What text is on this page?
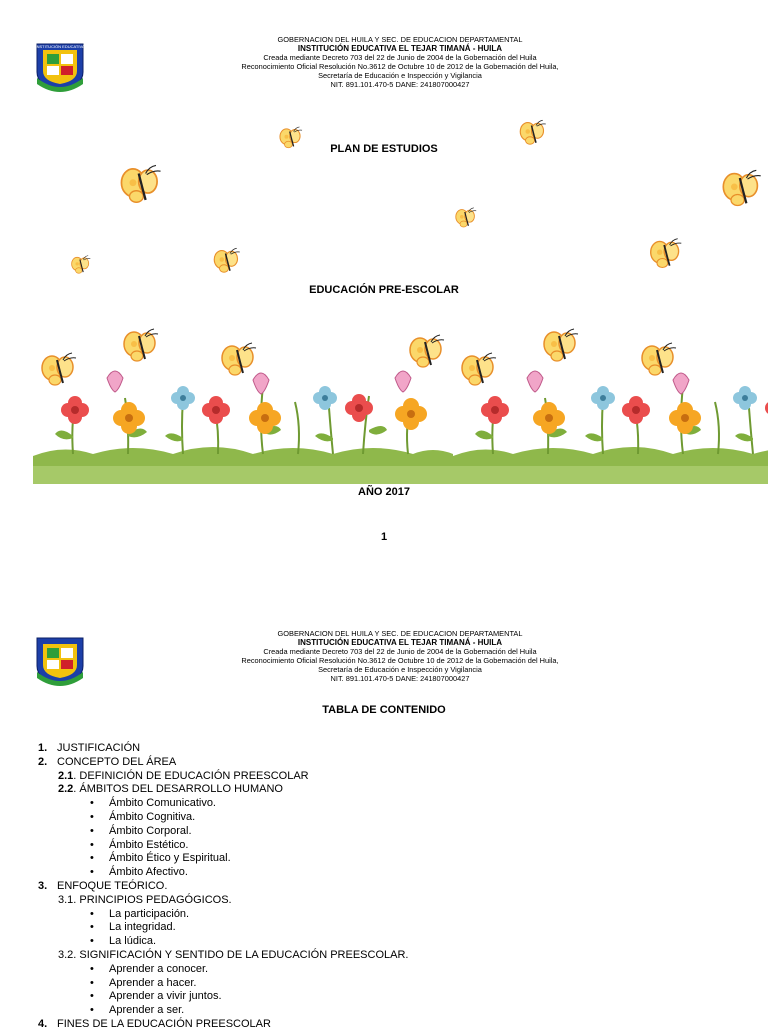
INSTITUCIÓN EDUCATIVA
GOBERNACION DEL HUILA Y SEC. DE EDUCACION DEPARTAMENTAL
INSTITUCIÓN EDUCATIVA EL TEJAR TIMANÁ - HUILA
Creada mediante Decreto 703 del 22 de Junio de 2004 de la Gobernación del Huila
Reconocimiento Oficial Resolución No.3612 de Octubre 10 de 2012 de la Gobernación del Huila,
Secretaría de Educación e Inspección y Vigilancia
NIT. 891.101.470-5 DANE: 241807000427
PLAN DE ESTUDIOS
EDUCACIÓN PRE-ESCOLAR
AÑO 2017
1
GOBERNACION DEL HUILA Y SEC. DE EDUCACION DEPARTAMENTAL
INSTITUCIÓN EDUCATIVA EL TEJAR TIMANÁ - HUILA
Creada mediante Decreto 703 del 22 de Junio de 2004 de la Gobernación del Huila
Reconocimiento Oficial Resolución No.3612 de Octubre 10 de 2012 de la Gobernación del Huila,
Secretaría de Educación e Inspección y Vigilancia
NIT. 891.101.470-5 DANE: 241807000427
TABLA DE CONTENIDO
1. JUSTIFICACIÓN
2. CONCEPTO DEL ÁREA
2.1. DEFINICIÓN DE EDUCACIÓN PREESCOLAR
2.2. ÁMBITOS DEL DESARROLLO HUMANO
• Ámbito Comunicativo.
• Ámbito Cognitiva.
• Ámbito Corporal.
• Ámbito Estético.
• Ámbito Ético y Espiritual.
• Ámbito Afectivo.
3. ENFOQUE TEÓRICO.
3.1. PRINCIPIOS PEDAGÓGICOS.
• La participación.
• La integridad.
• La lúdica.
3.2. SIGNIFICACIÓN Y SENTIDO DE LA EDUCACIÓN PREESCOLAR.
• Aprender a conocer.
• Aprender a hacer.
• Aprender a vivir juntos.
• Aprender a ser.
4. FINES DE LA EDUCACIÓN PREESCOLAR
